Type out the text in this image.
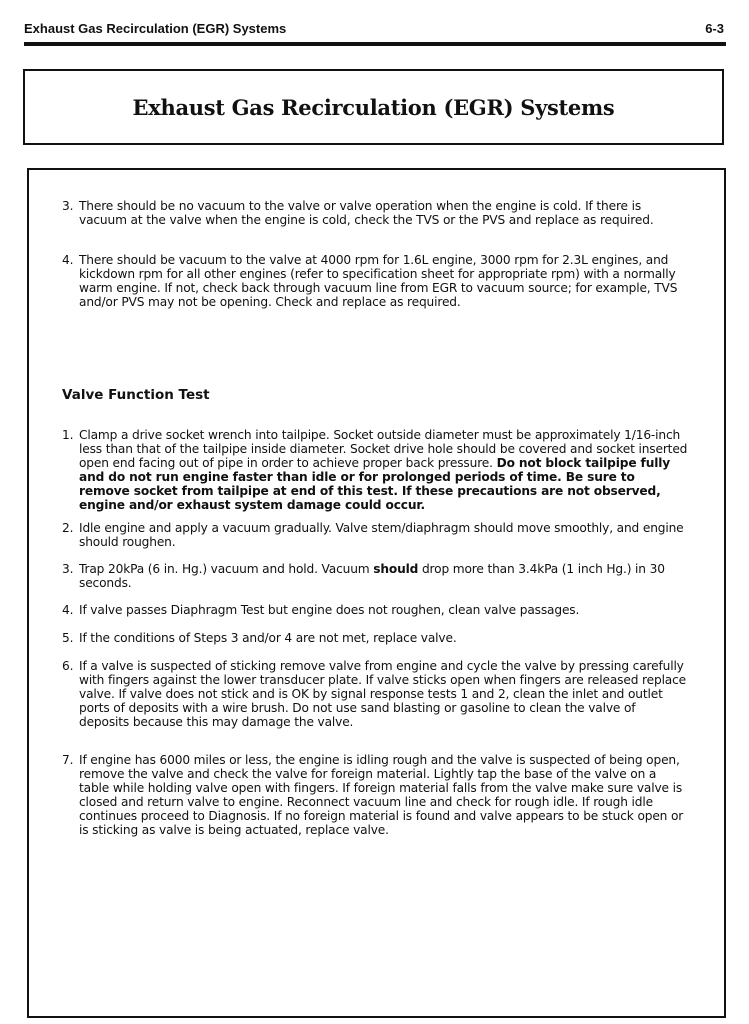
Exhaust Gas Recirculation (EGR) Systems	6-3
Exhaust Gas Recirculation (EGR) Systems
3. There should be no vacuum to the valve or valve operation when the engine is cold. If there is vacuum at the valve when the engine is cold, check the TVS or the PVS and replace as required.
4. There should be vacuum to the valve at 4000 rpm for 1.6L engine, 3000 rpm for 2.3L engines, and kickdown rpm for all other engines (refer to specification sheet for appropriate rpm) with a normally warm engine. If not, check back through vacuum line from EGR to vacuum source; for example, TVS and/or PVS may not be opening. Check and replace as required.
Valve Function Test
1. Clamp a drive socket wrench into tailpipe. Socket outside diameter must be approximately 1/16-inch less than that of the tailpipe inside diameter. Socket drive hole should be covered and socket inserted open end facing out of pipe in order to achieve proper back pressure. Do not block tailpipe fully and do not run engine faster than idle or for prolonged periods of time. Be sure to remove socket from tailpipe at end of this test. If these precautions are not observed, engine and/or exhaust system damage could occur.
2. Idle engine and apply a vacuum gradually. Valve stem/diaphragm should move smoothly, and engine should roughen.
3. Trap 20kPa (6 in. Hg.) vacuum and hold. Vacuum should drop more than 3.4kPa (1 inch Hg.) in 30 seconds.
4. If valve passes Diaphragm Test but engine does not roughen, clean valve passages.
5. If the conditions of Steps 3 and/or 4 are not met, replace valve.
6. If a valve is suspected of sticking remove valve from engine and cycle the valve by pressing carefully with fingers against the lower transducer plate. If valve sticks open when fingers are released replace valve. If valve does not stick and is OK by signal response tests 1 and 2, clean the inlet and outlet ports of deposits with a wire brush. Do not use sand blasting or gasoline to clean the valve of deposits because this may damage the valve.
7. If engine has 6000 miles or less, the engine is idling rough and the valve is suspected of being open, remove the valve and check the valve for foreign material. Lightly tap the base of the valve on a table while holding valve open with fingers. If foreign material falls from the valve make sure valve is closed and return valve to engine. Reconnect vacuum line and check for rough idle. If rough idle continues proceed to Diagnosis. If no foreign material is found and valve appears to be stuck open or is sticking as valve is being actuated, replace valve.
